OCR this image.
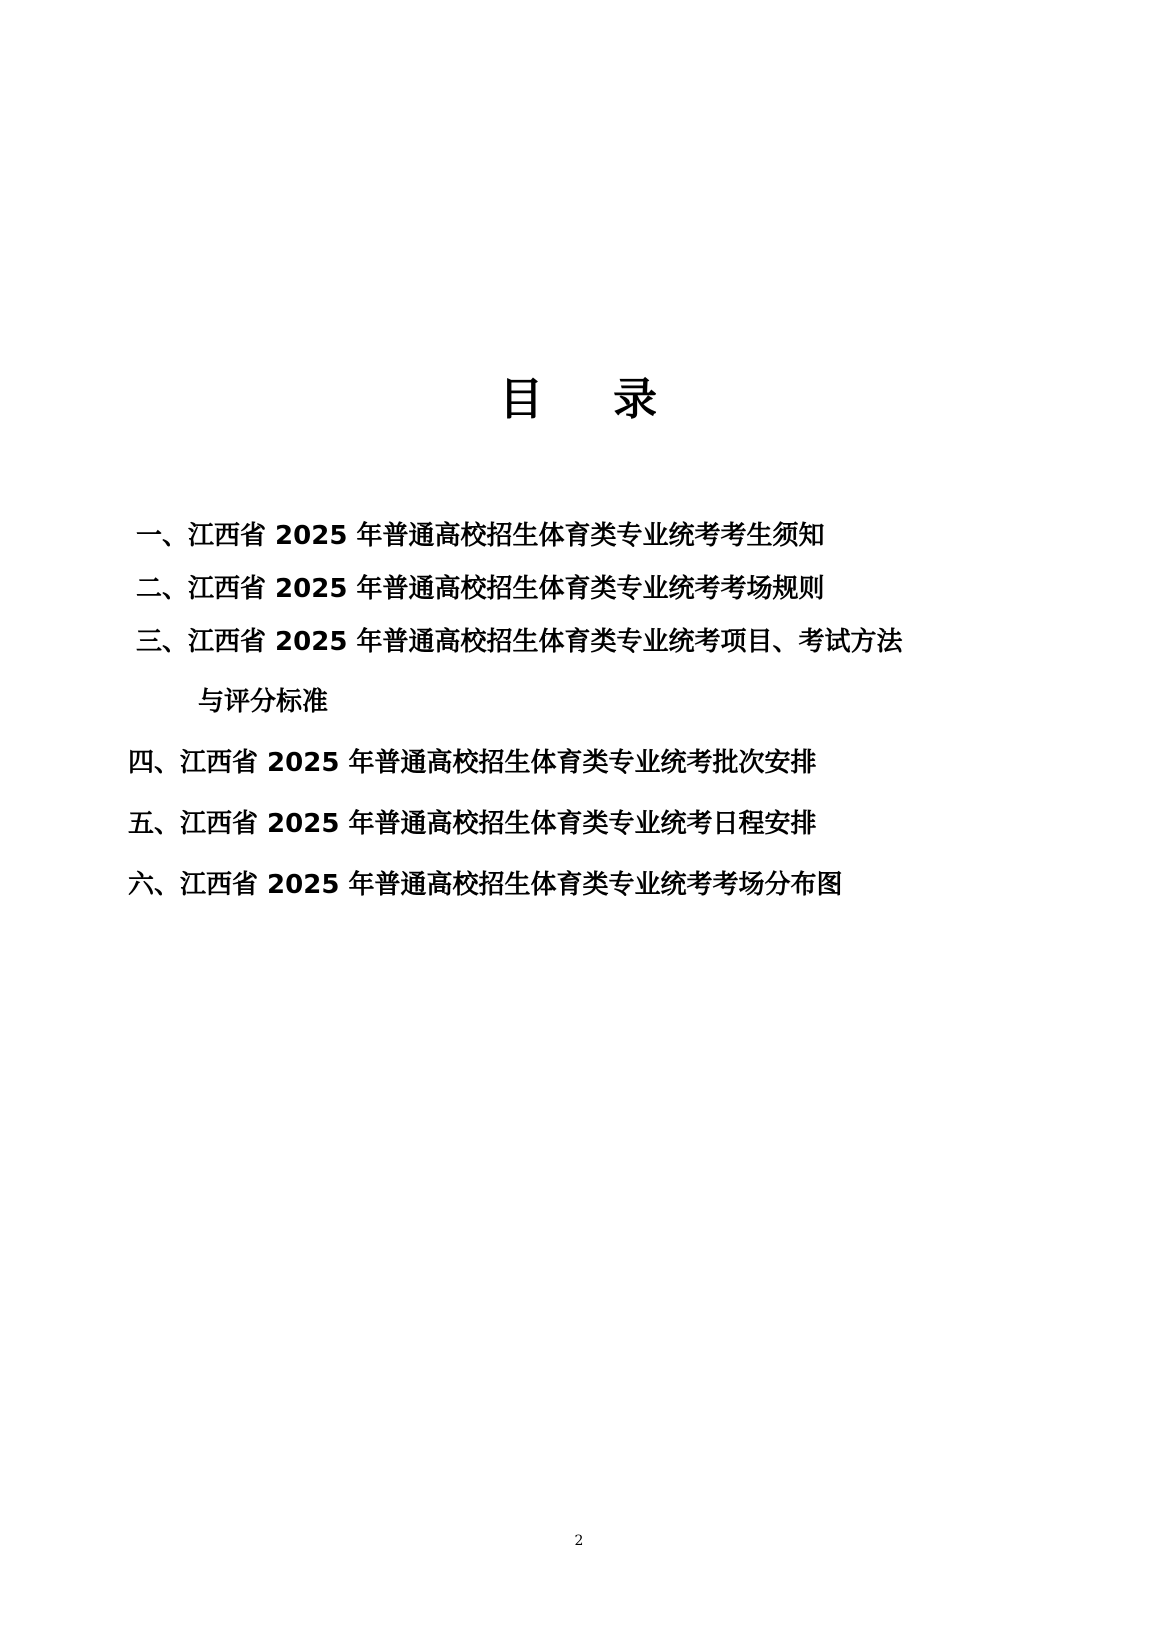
目    录
一、江西省 2025 年普通高校招生体育类专业统考考生须知
二、江西省 2025 年普通高校招生体育类专业统考考场规则
三、江西省 2025 年普通高校招生体育类专业统考项目、考试方法
与评分标准
四、江西省 2025 年普通高校招生体育类专业统考批次安排
五、江西省 2025 年普通高校招生体育类专业统考日程安排
六、江西省 2025 年普通高校招生体育类专业统考考场分布图
2
